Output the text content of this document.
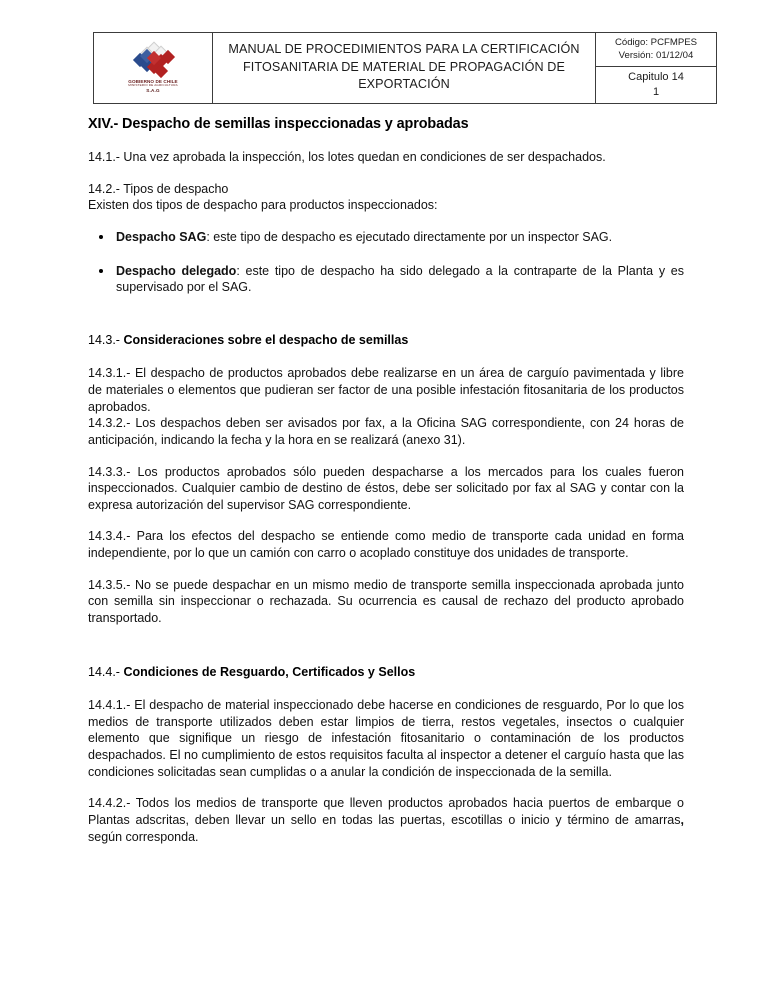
GOBIERNO DE CHILE
MINISTERIO DE AGRICULTURA
S.A.G

MANUAL DE PROCEDIMIENTOS PARA LA CERTIFICACIÓN FITOSANITARIA DE MATERIAL DE PROPAGACIÓN DE EXPORTACIÓN

Código: PCFMPES
Versión: 01/12/04

Capitulo 14
1
XIV.- Despacho de semillas inspeccionadas y aprobadas

14.1.- Una vez aprobada la inspección, los lotes quedan en condiciones de ser despachados.

14.2.- Tipos de despacho

Existen dos tipos de despacho para productos inspeccionados:

Despacho SAG: este tipo de despacho es ejecutado directamente por un inspector SAG.
Despacho delegado: este tipo de despacho ha sido delegado a la contraparte de la Planta y es supervisado por el SAG.
14.3.- Consideraciones sobre el despacho de semillas

14.3.1.- El despacho de productos aprobados debe realizarse en un área de carguío pavimentada y libre de materiales o elementos que pudieran ser factor de una posible infestación fitosanitaria de los productos aprobados.

14.3.2.- Los despachos deben ser avisados por fax, a la Oficina SAG correspondiente, con 24 horas de anticipación, indicando la fecha y la hora en se realizará (anexo 31).

14.3.3.- Los productos aprobados sólo pueden despacharse a los mercados para los cuales fueron inspeccionados. Cualquier cambio de destino de éstos, debe ser solicitado por fax al SAG y contar con la expresa autorización del supervisor SAG correspondiente.

14.3.4.- Para los efectos del despacho se entiende como medio de transporte cada unidad en forma independiente, por lo que un camión con carro o acoplado constituye dos unidades de transporte.

14.3.5.- No se puede despachar en un mismo medio de transporte semilla inspeccionada aprobada junto con semilla sin inspeccionar o rechazada. Su ocurrencia es causal de rechazo del producto aprobado transportado.

14.4.- Condiciones de Resguardo, Certificados y Sellos

14.4.1.- El despacho de material inspeccionado debe hacerse en condiciones de resguardo, Por lo que los medios de transporte utilizados deben estar limpios de tierra, restos vegetales, insectos o cualquier elemento que signifique un riesgo de infestación fitosanitario o contaminación de los productos despachados. El no cumplimiento de estos requisitos faculta al inspector a detener el carguío hasta que las condiciones solicitadas sean cumplidas o a anular la condición de inspeccionada de la semilla.

14.4.2.- Todos los medios de transporte que lleven productos aprobados hacia puertos de embarque o Plantas adscritas, deben llevar un sello en todas las puertas, escotillas o inicio y término de amarras, según corresponda.
